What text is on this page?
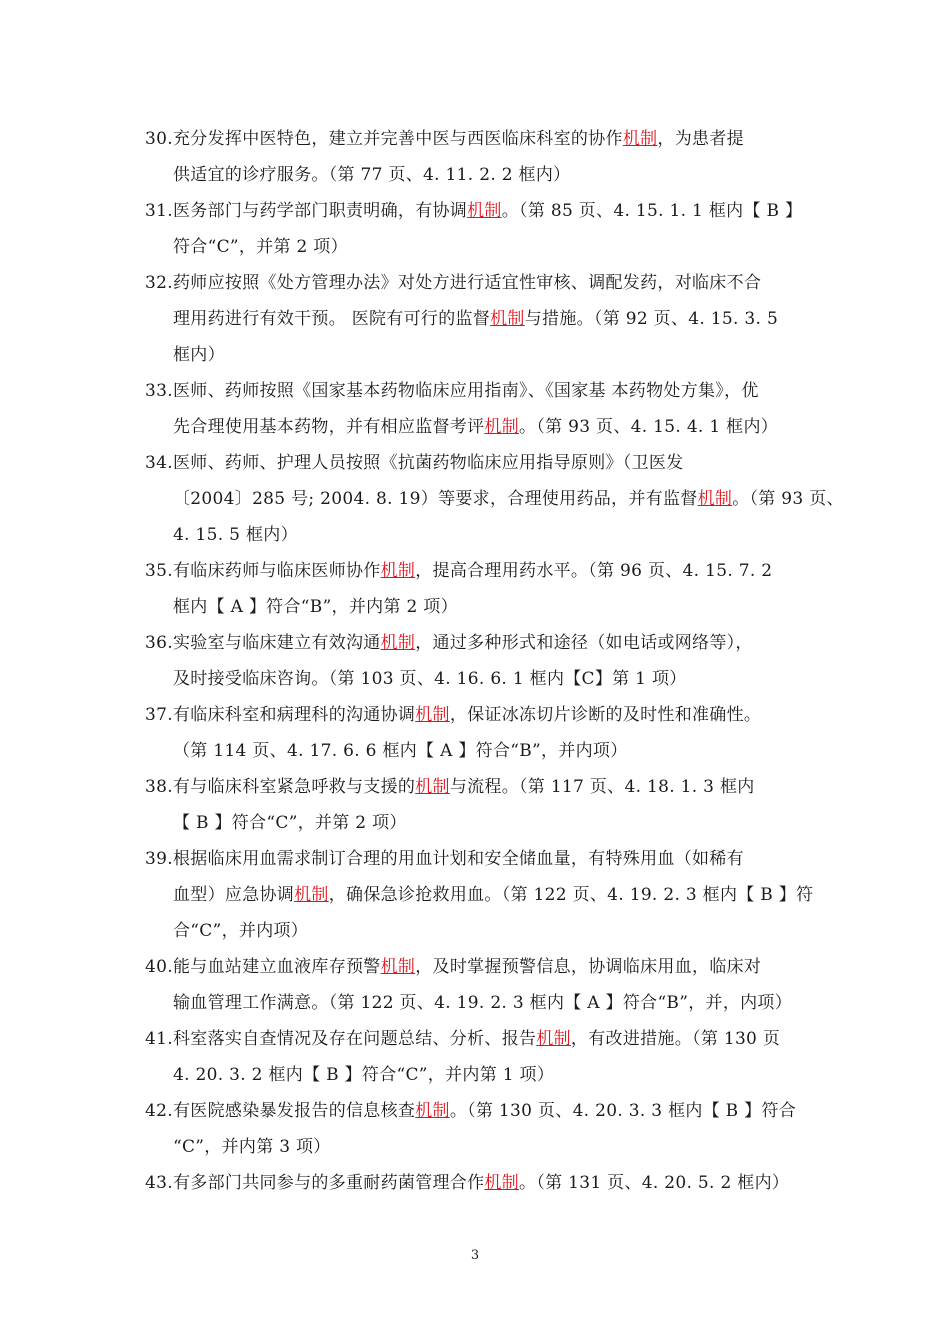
30.充分发挥中医特色，建立并完善中医与西医临床科室的协作机制，为患者提
供适宜的诊疗服务。（第 77 页、4. 11. 2. 2 框内）
31.医务部门与药学部门职责明确，有协调机制。（第 85 页、4. 15. 1. 1 框内【 B 】
符合“C”，并第 2 项）
32.药师应按照《处方管理办法》对处方进行适宜性审核、调配发药，对临床不合
理用药进行有效干预。 医院有可行的监督机制与措施。（第 92 页、4. 15. 3. 5
框内）
33.医师、药师按照《国家基本药物临床应用指南》、《国家基 本药物处方集》，优
先合理使用基本药物，并有相应监督考评机制。（第 93 页、4. 15. 4. 1 框内）
34.医师、药师、护理人员按照《抗菌药物临床应用指导原则》（卫医发
〔2004〕285 号; 2004. 8. 19）等要求，合理使用药品，并有监督机制。（第 93 页、
4. 15. 5 框内）
35.有临床药师与临床医师协作机制，提高合理用药水平。（第 96 页、4. 15. 7. 2
框内【 A 】符合“B”，并内第 2 项）
36.实验室与临床建立有效沟通机制，通过多种形式和途径（如电话或网络等），
及时接受临床咨询。（第 103 页、4. 16. 6. 1 框内【C】第 1 项）
37.有临床科室和病理科的沟通协调机制，保证冰冻切片诊断的及时性和准确性。
（第 114 页、4. 17. 6. 6 框内【 A 】符合“B”，并内项）
38.有与临床科室紧急呼救与支援的机制与流程。（第 117 页、4. 18. 1. 3 框内
【 B 】符合“C”，并第 2 项）
39.根据临床用血需求制订合理的用血计划和安全储血量，有特殊用血（如稀有
血型）应急协调机制，确保急诊抢救用血。（第 122 页、4. 19. 2. 3 框内【 B 】符
合“C”，并内项）
40.能与血站建立血液库存预警机制，及时掌握预警信息，协调临床用血，临床对
输血管理工作满意。（第 122 页、4. 19. 2. 3 框内【 A 】符合“B”，并，内项）
41.科室落实自查情况及存在问题总结、分析、报告机制，有改进措施。（第 130 页
4. 20. 3. 2 框内【 B 】符合“C”，并内第 1 项）
42.有医院感染暴发报告的信息核查机制。（第 130 页、4. 20. 3. 3 框内【 B 】符合
“C”，并内第 3 项）
43.有多部门共同参与的多重耐药菌管理合作机制。（第 131 页、4. 20. 5. 2 框内）
3
